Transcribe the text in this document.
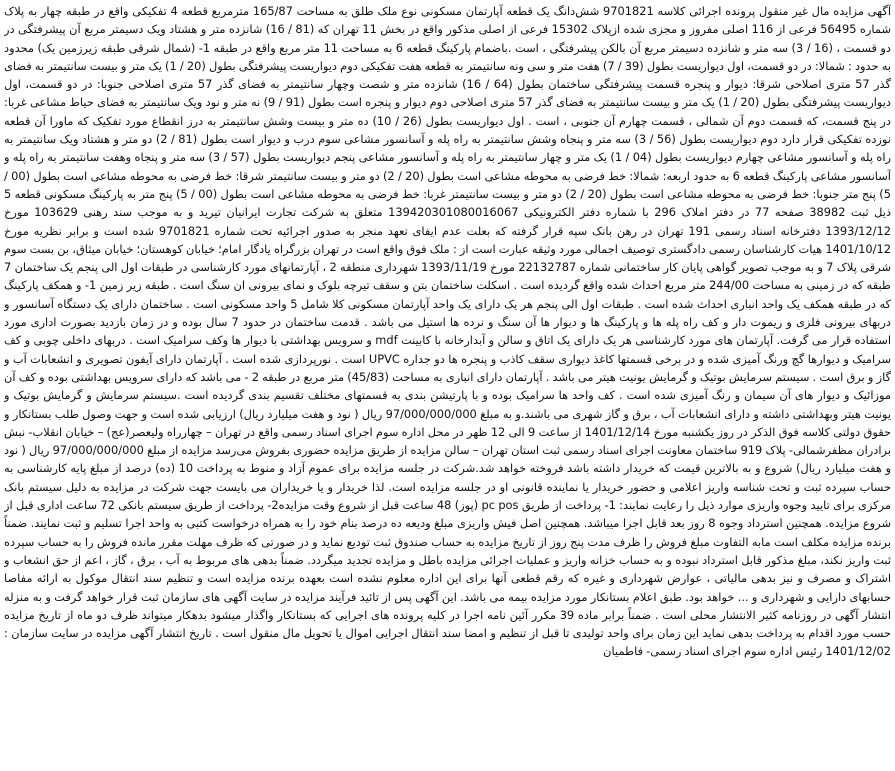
آگهی مزایده مال غیر منقول پرونده اجرائی کلاسه 9701821 شش‌دانگ یک قطعه آپارتمان مسکونی نوع ملک طلق به مساحت 165/87 مترمربع قطعه 4 تفکیکی واقع در طبقه چهار به پلاک شماره 56495 فرعی از 116 اصلی مفروز و مجزی شده ازپلاک 15302 فرعی از اصلی مذکور واقع در بخش 11 تهران که (81 / 16) شانزده متر و هشتاد ویک دسیمتر مربع آن پیشرفتگی در دو قسمت ، (16 / 3) سه متر و شانزده دسیمتر مربع آن بالکن پیشرفتگی ، است .باضمام پارکینگ قطعه 6 به مساحت 11 متر مربع واقع در طبقه 1- (شمال شرقی طبقه زیرزمین یک) محدود به حدود : شمالا: در دو قسمت، اول دیواریست بطول (39 / 7) هفت متر و سی ونه سانتیمتر به قطعه هفت تفکیکی دوم دیواریست پیشرفتگی بطول (20 / 1) یک متر و بیست سانتیمتر به فضای گذر 57 متری اصلاحی شرقا: دیوار و پنجره قسمت پیشرفتگی ساختمان بطول (64 / 16) شانزده متر و شصت وچهار سانتیمتر به فضای گذر 57 متری اصلاحی جنوبا: در دو قسمت، اول دیواریست پیشرفتگی بطول (20 / 1) یک متر و بیست سانتیمتر به فضای گذر 57 متری اصلاحی دوم دیوار و پنجره است بطول (91 / 9) نه متر و نود ویک سانتیمتر به فضای حیاط مشاعی غربا: در پنج قسمت، که قسمت دوم آن شمالی ، قسمت چهارم آن جنوبی ، است . اول دیواریست بطول (26 / 10) ده متر و بیست وشش سانتیمتر به درز انقطاع مورد تفکیک که ماورا آن قطعه نوزده تفکیکی قرار دارد دوم دیواریست بطول (56 / 3) سه متر و پنجاه وشش سانتیمتر به راه پله و آسانسور مشاعی سوم درب و دیوار است بطول (81 / 2) دو متر و هشتاد ویک سانتیمتر به راه پله و آسانسور مشاعی چهارم دیواریست بطول (04 / 1) یک متر و چهار سانتیمتر به راه پله و آسانسور مشاعی پنجم دیواریست بطول (57 / 3) سه متر و پنجاه وهفت سانتیمتر به راه پله و آسانسور مشاعی پارکینگ قطعه 6 به حدود اربعه: شمالا: خط فرضی به محوطه مشاعی است بطول (20 / 2) دو متر و بیست سانتیمتر شرقا: خط فرضی به محوطه مشاعی است بطول (00 / 5) پنج متر جنوبا: خط فرضی به محوطه مشاعی است بطول (20 / 2) دو متر و بیست سانتیمتر غربا: خط فرضی به محوطه مشاعی است بطول (00 / 5) پنج متر به پارکینگ مسکونی قطعه 5 ذیل ثبت 38982 صفحه 77 در دفتر املاک 296 با شماره دفتر الکترونیکی 139420301080016067 متعلق به شرکت تجارت ایرانیان تیرید و به موجب سند رهنی 103629 مورخ 1393/12/12 دفترخانه اسناد رسمی 191 تهران در رهن بانک سپه قرار گرفته که بعلت عدم ایفای تعهد منجر به صدور اجرائیه تحت شماره 9701821 شده است و برابر نظریه مورخ 1401/10/12 هیات کارشناسان رسمی دادگستری توصیف اجمالی مورد وثیقه عبارت است از : ملک فوق واقع است در تهران بزرگراه یادگار امام؛ خیابان کوهستان؛ خیابان میثاق، بن بست سوم شرقی پلاک 7 و به موجب تصویر گواهی پایان کار ساختمانی شماره 22132787 مورخ 1393/11/19 شهرداری منطقه 2 ، آپارتمانهای مورد کارشناسی در طبقات اول الی پنجم یک ساختمان 7 طبقه که در زمینی به مساحت 244/00 متر مربع احداث شده واقع گردیده است . اسکلت ساختمان بتن و سقف تیرچه بلوک و نمای بیرونی ان سنگ است . طبقه زیر زمین 1- و همکف پارکینگ که در طبقه همکف یک واحد انباری احداث شده است . طبقات اول الی پنجم هر یک دارای یک واحد آپارتمان مسکونی کلا شامل 5 واحد مسکونی است . ساختمان دارای یک دستگاه آسانسور و دربهای بیرونی فلزی و ریموت دار و کف راه پله ها و پارکینگ ها و دیوار ها آن سنگ و نرده ها استیل می باشد . قدمت ساختمان در حدود 7 سال بوده و در زمان بازدید بصورت اداری مورد استفاده قرار می گرفت. آپارتمان های مورد کارشناسی هر یک دارای یک اتاق و سالن و آبدارخانه با کابینت mdf و سرویس بهداشتی با دیوار ها وکف سرامیک است . دربهای داخلی چوبی و کف سرامیک و دیوارها گچ ورنگ آمیزی شده و در برخی قسمتها کاغذ دیواری سقف کاذب و پنجره ها دو جداره UPVC است . نورپردازی شده است . آپارتمان دارای آیفون تصویری و انشعابات آب و گاز و برق است . سیستم سرمایش بوتیک و گرمایش یونیت هیتر می باشد . آپارتمان دارای انباری به مساحت (45/83) متر مربع در طبقه 2 - می باشد که دارای سرویس بهداشتی بوده و کف آن موزائیک و دیوار های آن سیمان و رنگ آمیزی شده است . کف واحد ها سرامیک بوده و با پارتیشن بندی به قسمتهای مختلف تقسیم بندی گردیده است .سیستم سرمایش و گرمایش بوتیک و یونیت هیتر وبهداشتی داشته و دارای انشعابات آب ، برق و گاز شهری می باشند.و به مبلغ 97/000/000/000 ریال ( نود و هفت میلیارد ریال) ارزیابی شده است و جهت وصول طلب بستانکار و حقوق دولتی کلاسه فوق الذکر در روز یکشنبه مورخ 1401/12/14 از ساعت 9 الی 12 ظهر در محل اداره سوم اجرای اسناد رسمی واقع در تهران – چهارراه ولیعصر(عج) – خیابان انقلاب- نبش برادران مظفرشمالی- پلاک 919 ساختمان معاونت اجرای اسناد رسمی ثبت استان تهران – سالن مزایده از طریق مزایده حضوری بفروش می‌رسد مزایده از مبلغ 97/000/000/000 ریال ( نود و هفت میلیارد ریال) شروع و به بالاترین قیمت که خریدار داشته باشد فروخته خواهد شد.شرکت در جلسه مزایده برای عموم آزاد و منوط به پرداخت 10 (ده) درصد از مبلغ پایه کارشناسی به حساب سپرده ثبت و تحت شناسه واریز اعلامی و حضور خریدار یا نماینده قانونی او در جلسه مزایده است. لذا خریدار و یا خریداران می بایست جهت شرکت در مزایده به دلیل سیستم بانک مرکزی برای تایید وجوه واریزی موارد ذیل را رعایت نمایند: 1- پرداخت از طریق pc pos (پوز) 48 ساعت قبل از شروع وقت مزایده2- پرداخت از طریق سیستم بانکی 72 ساعت اداری قبل از شروع مزایده. همچنین استرداد وجوه 8 روز بعد قابل اجرا میباشد. همچنین اصل فیش واریزی مبلغ ودیعه ده درصد بنام خود را به همراه درخواست کتبی به واحد اجرا تسلیم و ثبت نمایند. ضمناً برنده مزایده مکلف است مابه التفاوت مبلغ فروش را ظرف مدت پنج روز از تاریخ مزایده به حساب صندوق ثبت تودیع نماید و در صورتی که ظرف مهلت مقرر مانده فروش را به حساب سپرده ثبت واریز نکند، مبلغ مذکور قابل استرداد نبوده و به حساب خزانه واریز و عملیات اجرائی مزایده باطل و مزایده تجدید میگردد. ضمناً بدهی های مربوط به آب ، برق ، گاز ، اعم از حق انشعاب و اشتراک و مصرف و نیز بدهی مالیاتی ، عوارض شهرداری و غیره که رقم قطعی آنها برای این اداره معلوم نشده است بعهده برنده مزایده است و تنظیم سند انتقال موکول به ارائه مفاصا حسابهای دارایی و شهرداری و ... خواهد بود. طبق اعلام بستانکار مورد مزایده بیمه می باشد. این آگهی پس از تائید فرآیند مزایده در سایت آگهی های سازمان ثبت قرار خواهد گرفت و به منزله انتشار آگهی در روزنامه کثیر الانتشار محلی است . ضمناً برابر ماده 39 مکرر آئین نامه اجرا در کلیه پرونده های اجرایی که بستانکار واگذار میشود بدهکار میتواند ظرف دو ماه از تاریخ مزایده حسب مورد اقدام به پرداخت بدهی نماید این زمان برای واحد تولیدی تا قبل از تنظیم و امضا سند انتقال اجرایی اموال یا تحویل مال منقول است . تاریخ انتشار آگهی مزایده در سایت سازمان : 1401/12/02 رئیس اداره سوم اجرای اسناد رسمی- فاطمیان
